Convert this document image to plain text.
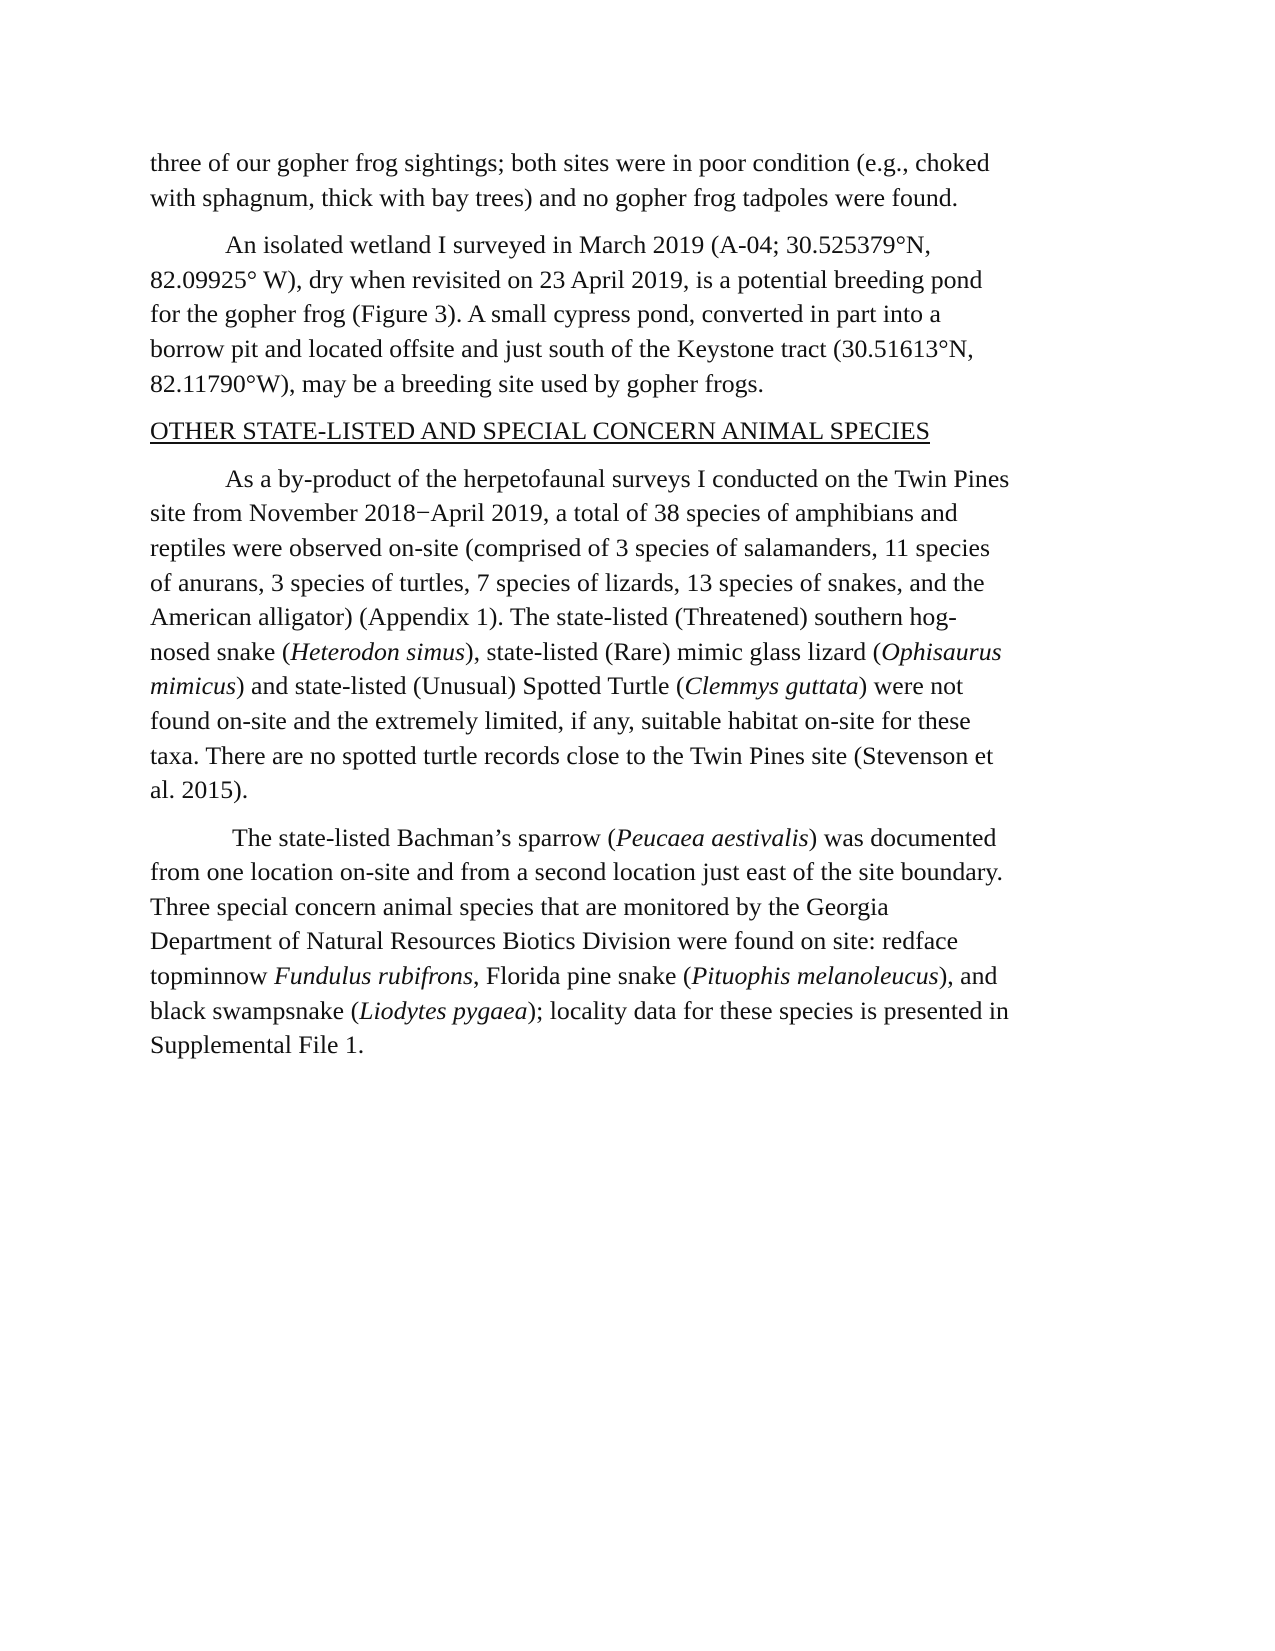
three of our gopher frog sightings; both sites were in poor condition (e.g., choked
with sphagnum, thick with bay trees) and no gopher frog tadpoles were found.
An isolated wetland I surveyed in March 2019 (A-04; 30.525379°N,
82.09925° W), dry when revisited on 23 April 2019, is a potential breeding pond
for the gopher frog (Figure 3). A small cypress pond, converted in part into a
borrow pit and located offsite and just south of the Keystone tract (30.51613°N,
82.11790°W), may be a breeding site used by gopher frogs.
OTHER STATE-LISTED AND SPECIAL CONCERN ANIMAL SPECIES
As a by-product of the herpetofaunal surveys I conducted on the Twin Pines
site from November 2018−April 2019, a total of 38 species of amphibians and
reptiles were observed on-site (comprised of 3 species of salamanders, 11 species
of anurans, 3 species of turtles, 7 species of lizards, 13 species of snakes, and the
American alligator) (Appendix 1). The state-listed (Threatened) southern hog-
nosed snake (Heterodon simus), state-listed (Rare) mimic glass lizard (Ophisaurus
mimicus) and state-listed (Unusual) Spotted Turtle (Clemmys guttata) were not
found on-site and the extremely limited, if any, suitable habitat on-site for these
taxa. There are no spotted turtle records close to the Twin Pines site (Stevenson et
al. 2015).
The state-listed Bachman’s sparrow (Peucaea aestivalis) was documented
from one location on-site and from a second location just east of the site boundary.
Three special concern animal species that are monitored by the Georgia
Department of Natural Resources Biotics Division were found on site: redface
topminnow Fundulus rubifrons, Florida pine snake (Pituophis melanoleucus), and
black swampsnake (Liodytes pygaea); locality data for these species is presented in
Supplemental File 1.
